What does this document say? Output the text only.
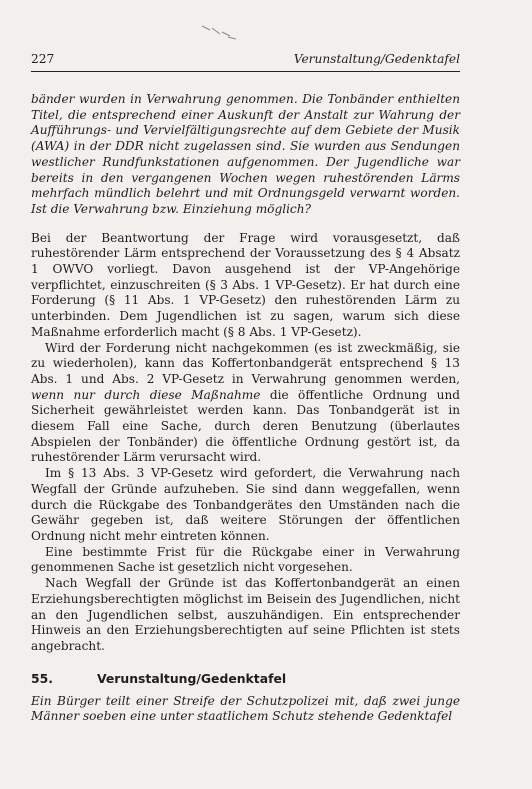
227	Verunstaltung/Gedenktafel
bänder wurden in Verwahrung genommen. Die Tonbänder enthielten Titel, die entsprechend einer Auskunft der Anstalt zur Wahrung der Aufführungs- und Vervielfältigungsrechte auf dem Gebiete der Musik (AWA) in der DDR nicht zugelassen sind. Sie wurden aus Sendungen westlicher Rundfunkstationen aufgenommen. Der Jugendliche war bereits in den vergangenen Wochen wegen ruhestörenden Lärms mehrfach mündlich belehrt und mit Ordnungsgeld verwarnt worden. Ist die Verwahrung bzw. Einziehung möglich?

Bei der Beantwortung der Frage wird vorausgesetzt, daß ruhestörender Lärm entsprechend der Voraussetzung des § 4 Absatz 1 OWVO vorliegt. Davon ausgehend ist der VP-Angehörige verpflichtet, einzuschreiten (§ 3 Abs. 1 VP-Gesetz). Er hat durch eine Forderung (§ 11 Abs. 1 VP-Gesetz) den ruhestörenden Lärm zu unterbinden. Dem Jugendlichen ist zu sagen, warum sich diese Maßnahme erforderlich macht (§ 8 Abs. 1 VP-Gesetz).

Wird der Forderung nicht nachgekommen (es ist zweckmäßig, sie zu wiederholen), kann das Koffertonbandgerät entsprechend § 13 Abs. 1 und Abs. 2 VP-Gesetz in Verwahrung genommen werden, wenn nur durch diese Maßnahme die öffentliche Ordnung und Sicherheit gewährleistet werden kann. Das Tonbandgerät ist in diesem Fall eine Sache, durch deren Benutzung (überlautes Abspielen der Tonbänder) die öffentliche Ordnung gestört ist, da ruhestörender Lärm verursacht wird.

Im § 13 Abs. 3 VP-Gesetz wird gefordert, die Verwahrung nach Wegfall der Gründe aufzuheben. Sie sind dann weggefallen, wenn durch die Rückgabe des Tonbandgerätes den Umständen nach die Gewähr gegeben ist, daß weitere Störungen der öffentlichen Ordnung nicht mehr eintreten können.

Eine bestimmte Frist für die Rückgabe einer in Verwahrung genommenen Sache ist gesetzlich nicht vorgesehen.

Nach Wegfall der Gründe ist das Koffertonbandgerät an einen Erziehungsberechtigten möglichst im Beisein des Jugendlichen, nicht an den Jugendlichen selbst, auszuhändigen. Ein entsprechender Hinweis an den Erziehungsberechtigten auf seine Pflichten ist stets angebracht.

55.	Verunstaltung/Gedenktafel
Ein Bürger teilt einer Streife der Schutzpolizei mit, daß zwei junge Männer soeben eine unter staatlichem Schutz stehende Gedenktafel
